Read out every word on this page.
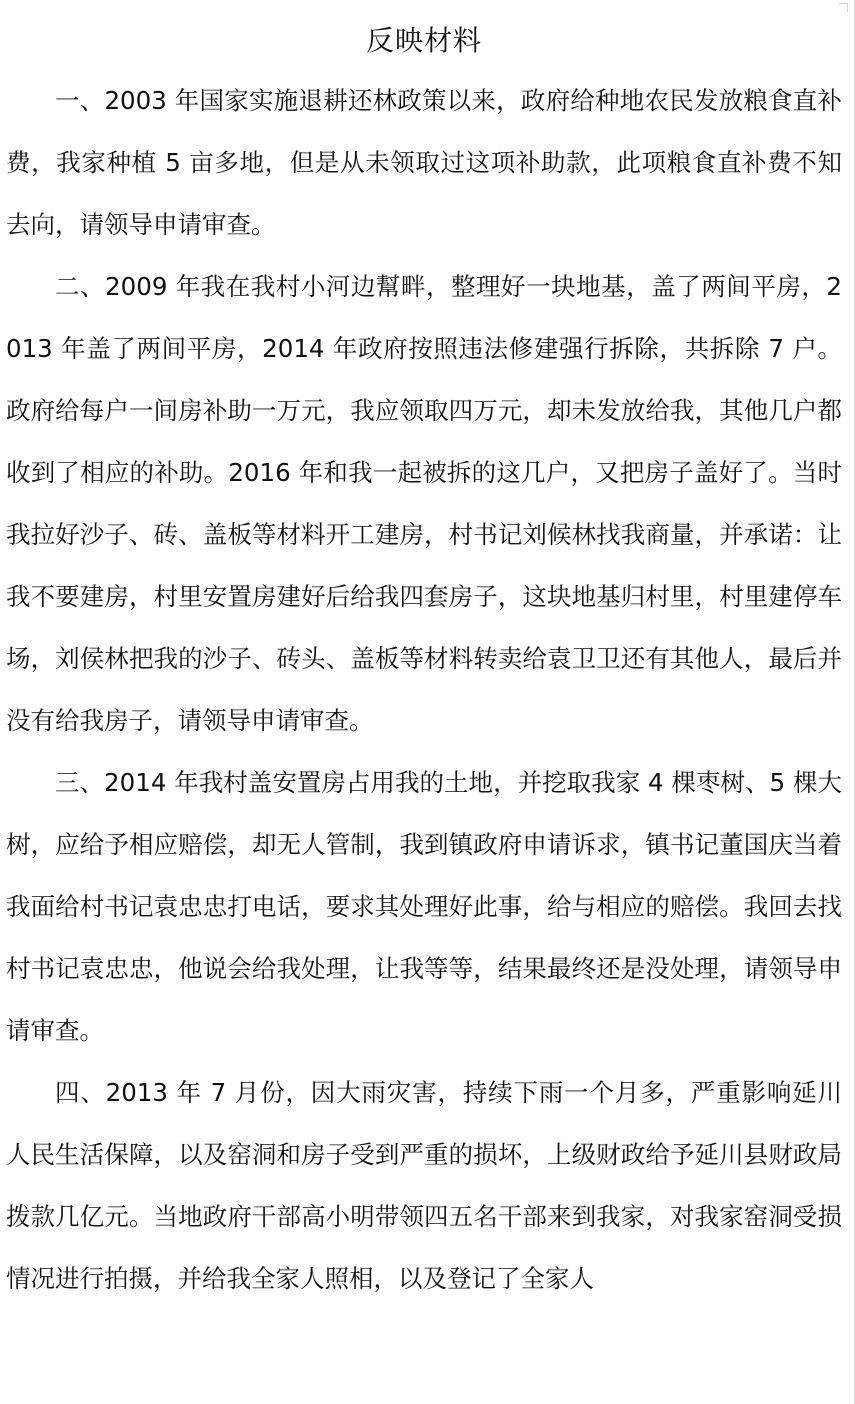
反映材料

一、2003 年国家实施退耕还林政策以来，政府给种地农民发放粮食直补费，我家种植 5 亩多地，但是从未领取过这项补助款，此项粮食直补费不知去向，请领导申请审查。

二、2009 年我在我村小河边幫畔，整理好一块地基，盖了两间平房，2013 年盖了两间平房，2014 年政府按照违法修建强行拆除，共拆除 7 户。政府给每户一间房补助一万元，我应领取四万元，却未发放给我，其他几户都收到了相应的补助。2016 年和我一起被拆的这几户，又把房子盖好了。当时我拉好沙子、砖、盖板等材料开工建房，村书记刘候林找我商量，并承诺：让我不要建房，村里安置房建好后给我四套房子，这块地基归村里，村里建停车场，刘侯林把我的沙子、砖头、盖板等材料转卖给袁卫卫还有其他人，最后并没有给我房子，请领导申请审查。

三、2014 年我村盖安置房占用我的土地，并挖取我家 4 棵枣树、5 棵大树，应给予相应赔偿，却无人管制，我到镇政府申请诉求，镇书记董国庆当着我面给村书记袁忠忠打电话，要求其处理好此事，给与相应的赔偿。我回去找村书记袁忠忠，他说会给我处理，让我等等，结果最终还是没处理，请领导申请审查。

四、2013 年 7 月份，因大雨灾害，持续下雨一个月多，严重影响延川人民生活保障，以及窑洞和房子受到严重的损坏，上级财政给予延川县财政局拨款几亿元。当地政府干部高小明带领四五名干部来到我家，对我家窑洞受损情况进行拍摄，并给我全家人照相，以及登记了全家人
